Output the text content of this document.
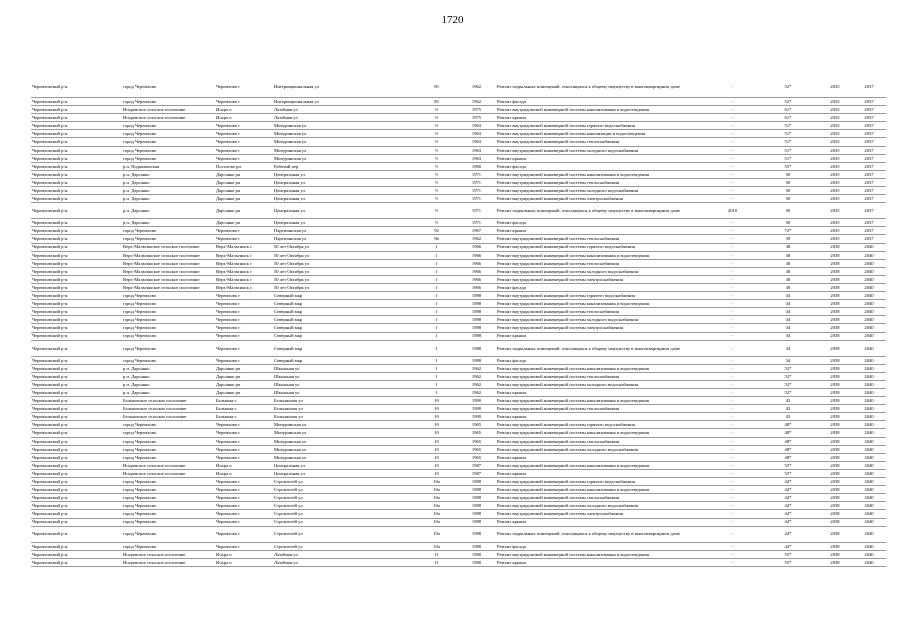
1720
Черемховский р-н	город Черемхово	Черемхово г	Интернациональная ул	85	1962	Ремонт подвальных помещений, относящихся к общему имуществу в многоквартирном доме	-	52*	2035	2037
Черемховский р-н	город Черемхово	Черемхово г	Интернациональная ул	85	1962	Ремонт фасада	-	52*	2035	2037
Черемховский р-н	Искровское сельское поселение	Искра п	Лазейная ул	9	1975	Ремонт внутридомовой инженерной системы канализования и водоотведения	-	61*	2035	2037
Черемховский р-н	Искровское сельское поселение	Искра п	Лазейная ул	9	1975	Ремонт крыши	-	61*	2035	2037
Черемховский р-н	город Черемхово	Черемхово г	Мичуринская ул	9	1963	Ремонт внутридомовой инженерной системы горячего водоснабжения	-	51*	2035	2037
Черемховский р-н	город Черемхово	Черемхово г	Мичуринская ул	9	1963	Ремонт внутридомовой инженерной системы канализации и водоотведения	-	51*	2035	2037
Черемховский р-н	город Черемхово	Черемхово г	Мичуринская ул	9	1963	Ремонт внутридомовой инженерной системы теплоснабжения	-	51*	2035	2037
Черемховский р-н	город Черемхово	Черемхово г	Мичуринская ул	9	1963	Ремонт внутридомовой инженерной системы холодного водоснабжения	-	51*	2035	2037
Черемховский р-н	город Черемхово	Черемхово г	Мичуринская ул	9	1963	Ремонт крыши	-	51*	2035	2037
Черемховский р-н	р.п. Подкаменская	Посолово рп	Рабочий пер	9	1980	Ремонт фасада	-	55*	2035	2037
Черемховский р-н	р.п. Дарсанко	Дарсанко рп	Центральная ул	9	1971	Ремонт внутридомовой инженерной системы канализования и водоотведения	-	50	2035	2037
Черемховский р-н	р.п. Дарсанко	Дарсанко рп	Центральная ул	9	1971	Ремонт внутридомовой инженерной системы теплоснабжения	-	50	2035	2037
Черемховский р-н	р.п. Дарсанко	Дарсанко рп	Центральная ул	9	1971	Ремонт внутридомовой инженерной системы холодного водоснабжения	-	50	2035	2037
Черемховский р-н	р.п. Дарсанко	Дарсанко рп	Центральная ул	9	1971	Ремонт внутридомовой инженерной системы электроснабжения	-	50	2035	2037
Черемховский р-н	р.п. Дарсанко	Дарсанко рп	Центральная ул	9	1971	Ремонт подвальных помещений, относящихся к общему имуществу в многоквартирном доме	2010	50	2035	2037
Черемховский р-н	р.п. Дарсанко	Дарсанко рп	Центральная ул	9	1971	Ремонт фасада	-	50	2035	2037
Черемховский р-н	город Черемхово	Черемхово г	Партизанская ул	92	1967	Ремонт крыши	-	72*	2035	2037
Черемховский р-н	город Черемхово	Черемхово г	Партизанская ул	9b	1962	Ремонт внутридомовой инженерной системы теплоснабжения	-	39	2035	2037
Черемховский р-н	Верх-Мальтинское сельское поселение	Верх-Мальтинск с	50 лет Октября ул	1	1966	Ремонт внутридомовой инженерной системы горячего водоснабжения	-	38	2038	2040
Черемховский р-н	Верх-Мальтинское сельское поселение	Верх-Мальтинск с	50 лет Октября ул	1	1966	Ремонт внутридомовой инженерной системы канализования и водоотведения	-	38	2038	2040
Черемховский р-н	Верх-Мальтинское сельское поселение	Верх-Мальтинск с	50 лет Октября ул	1	1966	Ремонт внутридомовой инженерной системы теплоснабжения	-	38	2038	2040
Черемховский р-н	Верх-Мальтинское сельское поселение	Верх-Мальтинск с	50 лет Октября ул	1	1966	Ремонт внутридомовой инженерной системы холодного водоснабжения	-	38	2038	2040
Черемховский р-н	Верх-Мальтинское сельское поселение	Верх-Мальтинск с	50 лет Октября ул	1	1966	Ремонт внутридомовой инженерной системы электроснабжения	-	38	2038	2040
Черемховский р-н	Верх-Мальтинское сельское поселение	Верх-Мальтинск с	50 лет Октября ул	1	1966	Ремонт фасада	-	38	2038	2040
Черемховский р-н	город Черемхово	Черемхово г	Северный мкр	1	1988	Ремонт внутридомовой инженерной системы горячего водоснабжения	-	34	2038	2040
Черемховский р-н	город Черемхово	Черемхово г	Северный мкр	1	1988	Ремонт внутридомовой инженерной системы канализования и водоотведения	-	34	2038	2040
Черемховский р-н	город Черемхово	Черемхово г	Северный мкр	1	1988	Ремонт внутридомовой инженерной системы теплоснабжения	-	34	2038	2040
Черемховский р-н	город Черемхово	Черемхово г	Северный мкр	1	1988	Ремонт внутридомовой инженерной системы холодного водоснабжения	-	34	2038	2040
Черемховский р-н	город Черемхово	Черемхово г	Северный мкр	1	1988	Ремонт внутридомовой инженерной системы электроснабжения	-	34	2038	2040
Черемховский р-н	город Черемхово	Черемхово г	Северный мкр	1	1988	Ремонт крыши	-	34	2038	2040
Черемховский р-н	город Черемхово	Черемхово г	Северный мкр	1	1988	Ремонт подвальных помещений, относящихся к общему имуществу в многоквартирном доме	-	34	2038	2040
Черемховский р-н	город Черемхово	Черемхово г	Северный мкр	1	1988	Ремонт фасада	-	34	2038	2040
Черемховский р-н	р.п. Дарсанко	Дарсанко рп	Школьная ул	1	1962	Ремонт внутридомовой инженерной системы канализования и водоотведения	-	52*	2038	2040
Черемховский р-н	р.п. Дарсанко	Дарсанко рп	Школьная ул	1	1962	Ремонт внутридомовой инженерной системы теплоснабжения	-	52*	2038	2040
Черемховский р-н	р.п. Дарсанко	Дарсанко рп	Школьная ул	1	1962	Ремонт внутридомовой инженерной системы холодного водоснабжения	-	52*	2038	2040
Черемховский р-н	р.п. Дарсанко	Дарсанко рп	Школьная ул	1	1962	Ремонт крыши	-	52*	2038	2040
Черемховский р-н	Бельковское сельское поселение	Белькова с	Больничная ул	10	1990	Ремонт внутридомовой инженерной системы канализования и водоотведения	-	43	2038	2040
Черемховский р-н	Бельковское сельское поселение	Белькова с	Больничная ул	10	1990	Ремонт внутридомовой инженерной системы теплоснабжения	-	43	2038	2040
Черемховский р-н	Бельковское сельское поселение	Белькова с	Больничная ул	10	1990	Ремонт крыши	-	43	2038	2040
Черемховский р-н	город Черемхово	Черемхово г	Мичуринская ул	10	1965	Ремонт внутридомовой инженерной системы горячего водоснабжения	-	48*	2038	2040
Черемховский р-н	город Черемхово	Черемхово г	Мичуринская ул	10	1965	Ремонт внутридомовой инженерной системы канализования и водоотведения	-	48*	2038	2040
Черемховский р-н	город Черемхово	Черемхово г	Мичуринская ул	10	1965	Ремонт внутридомовой инженерной системы теплоснабжения	-	48*	2038	2040
Черемховский р-н	город Черемхово	Черемхово г	Мичуринская ул	10	1965	Ремонт внутридомовой инженерной системы холодного водоснабжения	-	48*	2038	2040
Черемховский р-н	город Черемхово	Черемхово г	Мичуринская ул	10	1965	Ремонт крыши	-	48*	2038	2040
Черемховский р-н	Искровское сельское поселение	Искра п	Центральная ул	10	1987	Ремонт внутридомовой инженерной системы канализования и водоотведения	-	55*	2038	2040
Черемховский р-н	Искровское сельское поселение	Искра п	Центральная ул	10	1987	Ремонт крыши	-	55*	2038	2040
Черемховский р-н	город Черемхово	Черемхово г	Строителей ул	10а	1988	Ремонт внутридомовой инженерной системы горячего водоснабжения	-	44*	2038	2040
Черемховский р-н	город Черемхово	Черемхово г	Строителей ул	10а	1988	Ремонт внутридомовой инженерной системы канализования и водоотведения	-	44*	2038	2040
Черемховский р-н	город Черемхово	Черемхово г	Строителей ул	10а	1988	Ремонт внутридомовой инженерной системы теплоснабжения	-	44*	2038	2040
Черемховский р-н	город Черемхово	Черемхово г	Строителей ул	10а	1988	Ремонт внутридомовой инженерной системы холодного водоснабжения	-	44*	2038	2040
Черемховский р-н	город Черемхово	Черемхово г	Строителей ул	10а	1988	Ремонт внутридомовой инженерной системы электроснабжения	-	44*	2038	2040
Черемховский р-н	город Черемхово	Черемхово г	Строителей ул	10а	1988	Ремонт крыши	-	44*	2038	2040
Черемховский р-н	город Черемхово	Черемхово г	Строителей ул	10а	1988	Ремонт подвальных помещений, относящихся к общему имуществу в многоквартирном доме	-	44*	2038	2040
Черемховский р-н	город Черемхово	Черемхово г	Строителей ул	10а	1988	Ремонт фасада	-	44*	2038	2040
Черемховский р-н	Искровское сельское поселение	Искра п	Лазейная ул	11	1980	Ремонт внутридомовой инженерной системы канализования и водоотведения	-	55*	2038	2040
Черемховский р-н	Искровское сельское поселение	Искра п	Лазейная ул	11	1980	Ремонт крыши	-	55*	2038	2040
